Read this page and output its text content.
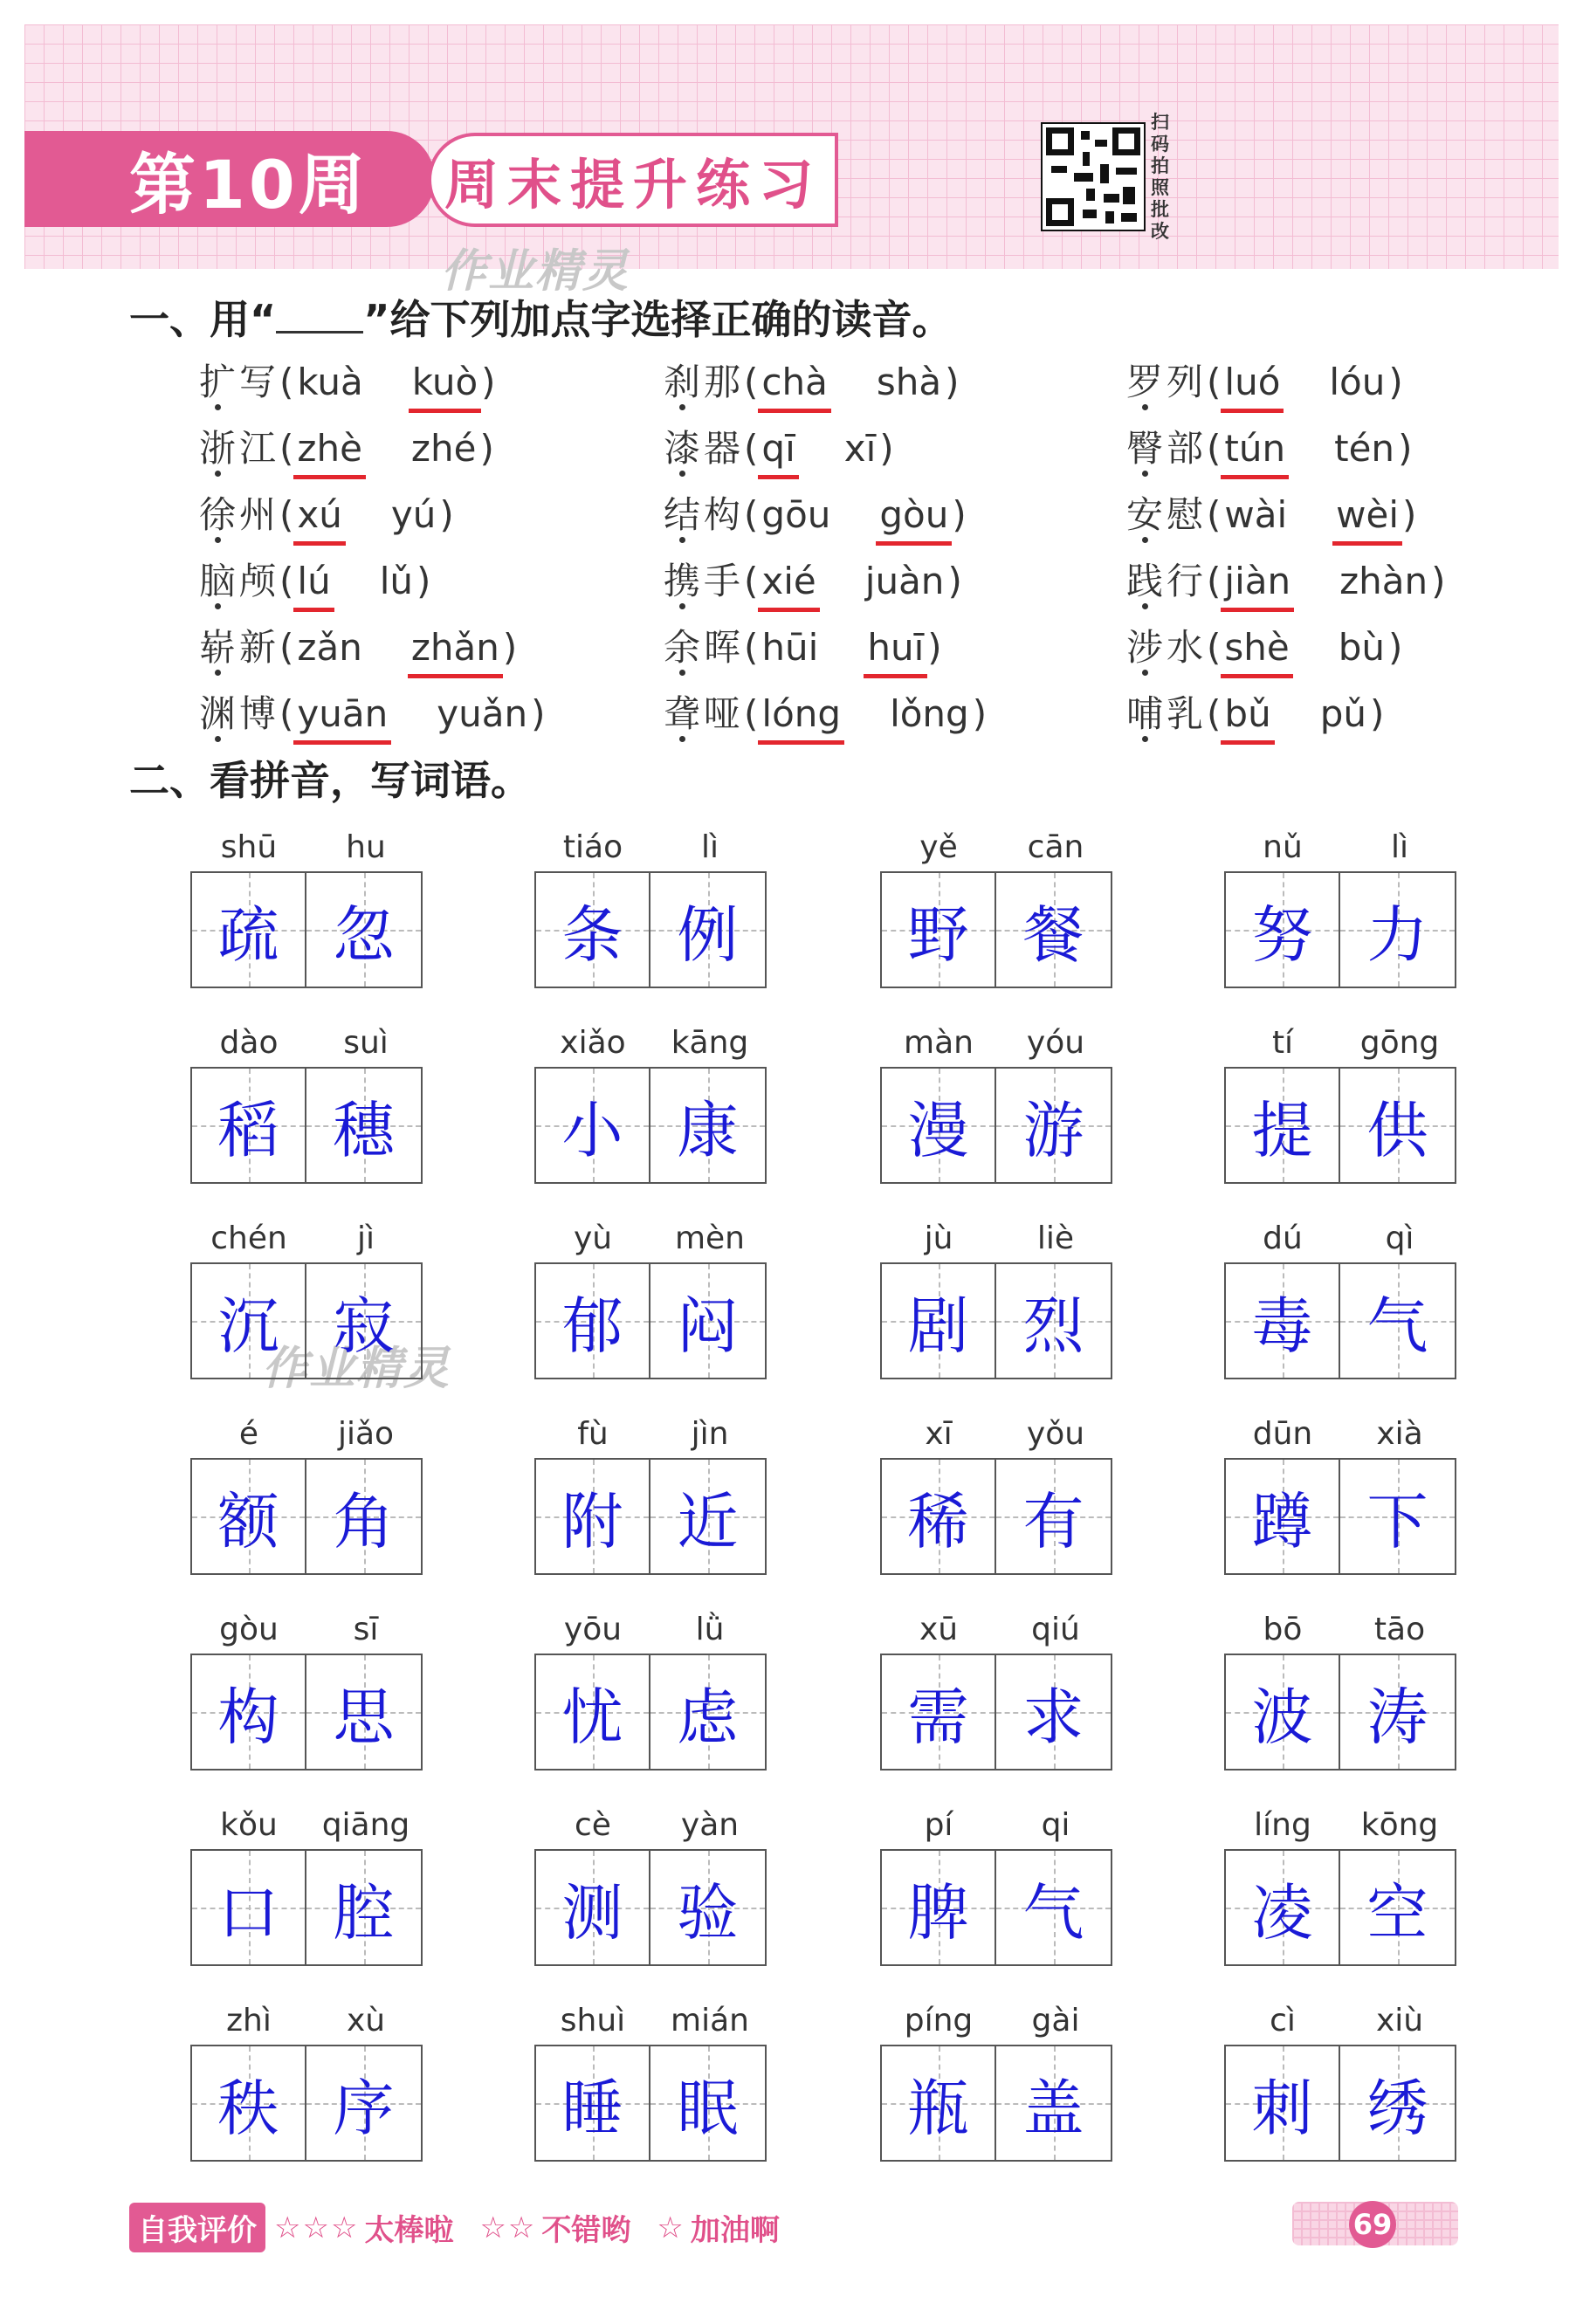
第10周	周末提升练习
扫
码
拍
照
批
改
作业精灵
作业精灵
一、用“ ”给下列加点字选择正确的读音。
扩写(kuà kuò)	刹那(chà shà)	罗列(luó lóu)
浙江(zhè zhé)	漆器(qī xī)	臀部(tún tén)
徐州(xú yú)	结构(gōu gòu)	安慰(wài wèi)
脑颅(lú lǔ)	携手(xié juàn)	践行(jiàn zhàn)
崭新(zǎn zhǎn)	余晖(hūi huī)	涉水(shè bù)
渊博(yuān yuǎn)	聋哑(lóng lǒng)	哺乳(bǔ pǔ)
二、看拼音，写词语。
shū	hu
疏 忽
tiáo	lì
条 例
yě	cān
野 餐
nǔ	lì
努 力
dào	suì
稻 穗
xiǎo	kāng
小 康
màn	yóu
漫 游
tí	gōng
提 供
chén	jì
沉 寂
yù	mèn
郁 闷
jù	liè
剧 烈
dú	qì
毒 气
é	jiǎo
额 角
fù	jìn
附 近
xī	yǒu
稀 有
dūn	xià
蹲 下
gòu	sī
构 思
yōu	lǜ
忧 虑
xū	qiú
需 求
bō	tāo
波 涛
kǒu	qiāng
口 腔
cè	yàn
测 验
pí	qi
脾 气
líng	kōng
凌 空
zhì	xù
秩 序
shuì	mián
睡 眠
píng	gài
瓶 盖
cì	xiù
刺 绣
自我评价 ☆☆☆ 太棒啦 ☆☆ 不错哟 ☆ 加油啊	69
